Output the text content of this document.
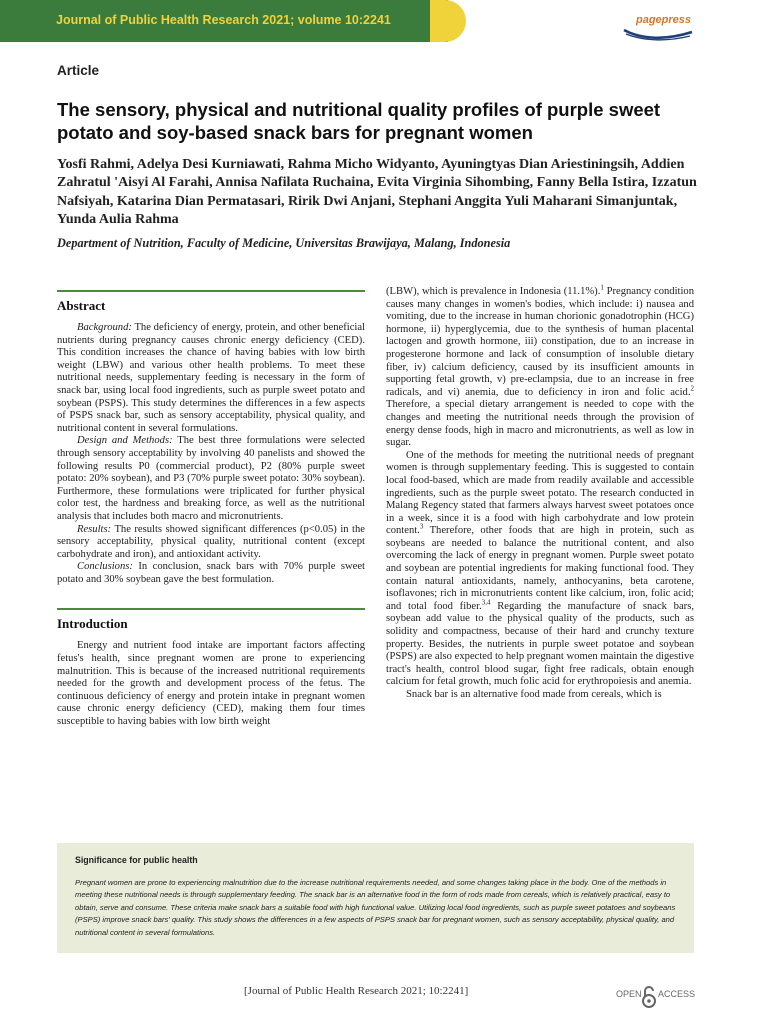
Journal of Public Health Research 2021; volume 10:2241	pagepress
Article
The sensory, physical and nutritional quality profiles of purple sweet potato and soy-based snack bars for pregnant women

Yosfi Rahmi, Adelya Desi Kurniawati, Rahma Micho Widyanto, Ayuningtyas Dian Ariestiningsih, Addien Zahratul 'Aisyi Al Farahi, Annisa Nafilata Ruchaina, Evita Virginia Sihombing, Fanny Bella Istira, Izzatun Nafsiyah, Katarina Dian Permatasari, Ririk Dwi Anjani, Stephani Anggita Yuli Maharani Simanjuntak, Yunda Aulia Rahma

Department of Nutrition, Faculty of Medicine, Universitas Brawijaya, Malang, Indonesia

Abstract

Background: The deficiency of energy, protein, and other beneficial nutrients during pregnancy causes chronic energy deficiency (CED). This condition increases the chance of having babies with low birth weight (LBW) and various other health problems. To meet these nutritional needs, supplementary feeding is necessary in the form of snack bar, using local food ingredients, such as purple sweet potato and soybean (PSPS). This study determines the differences in a few aspects of PSPS snack bar, such as sensory acceptability, physical quality, and nutritional content in several formulations.

Design and Methods: The best three formulations were selected through sensory acceptability by involving 40 panelists and showed the following results P0 (commercial product), P2 (80% purple sweet potato: 20% soybean), and P3 (70% purple sweet potato: 30% soybean). Furthermore, these formulations were triplicated for further physical color test, the hardness and breaking force, as well as the nutritional analysis that includes both macro and micronutrients.

Results: The results showed significant differences (p<0.05) in the sensory acceptability, physical quality, nutritional content (except carbohydrate and iron), and antioxidant activity.

Conclusions: In conclusion, snack bars with 70% purple sweet potato and 30% soybean gave the best formulation.

Introduction

Energy and nutrient food intake are important factors affecting fetus's health, since pregnant women are prone to experiencing malnutrition. This is because of the increased nutritional requirements needed for the growth and development process of the fetus. The continuous deficiency of energy and protein intake in pregnant women cause chronic energy deficiency (CED), making them four times susceptible to having babies with low birth weight

(LBW), which is prevalence in Indonesia (11.1%).$^1$ Pregnancy condition causes many changes in women's bodies, which include: i) nausea and vomiting, due to the increase in human chorionic gonadotrophin (HCG) hormone, ii) hyperglycemia, due to the synthesis of human placental lactogen and growth hormone, iii) constipation, due to an increase in progesterone hormone and lack of consumption of insoluble dietary fiber, iv) calcium deficiency, caused by its insufficient amounts in supporting fetal growth, v) pre-eclampsia, due to an increase in free radicals, and vi) anemia, due to deficiency in iron and folic acid.$^2$ Therefore, a special dietary arrangement is needed to cope with the changes and meeting the nutritional needs through the provision of energy dense foods, high in macro and micronutrients, as well as low in sugar.

One of the methods for meeting the nutritional needs of pregnant women is through supplementary feeding. This is suggested to contain local food-based, which are made from readily available and accessible ingredients, such as the purple sweet potato. The research conducted in Malang Regency stated that farmers always harvest sweet potatoes once in a week, since it is a food with high carbohydrate and low protein content.$^3$ Therefore, other foods that are high in protein, such as soybeans are needed to balance the nutritional content, and also overcoming the lack of energy in pregnant women. Purple sweet potato and soybean are potential ingredients for making functional food. They contain natural antioxidants, namely, anthocyanins, beta carotene, isoflavones; rich in micronutrients content like calcium, iron, folic acid; and total food fiber.$^{3,4}$ Regarding the manufacture of snack bars, soybean add value to the physical quality of the products, such as solidity and compactness, because of their hard and crunchy texture property. Besides, the nutrients in purple sweet potatoe and soybean (PSPS) are also expected to help pregnant women maintain the digestive tract's health, control blood sugar, fight free radicals, obtain enough calcium for fetal growth, much folic acid for erythropoiesis and anemia.

Snack bar is an alternative food made from cereals, which is

Significance for public health

Pregnant women are prone to experiencing malnutrition due to the increase nutritional requirements needed, and some changes taking place in the body. One of the methods in meeting these nutritional needs is through supplementary feeding. The snack bar is an alternative food in the form of rods made from cereals, which is relatively practical, easy to obtain, serve and consume. These criteria make snack bars a suitable food with high functional value. Utilizing local food ingredients, such as purple sweet potatoes and soybeans (PSPS) improve snack bars' quality. This study shows the differences in a few aspects of PSPS snack bar for pregnant women, such as sensory acceptability, physical quality, and nutritional content in several formulations.

[Journal of Public Health Research 2021; 10:2241]	OPEN ACCESS
